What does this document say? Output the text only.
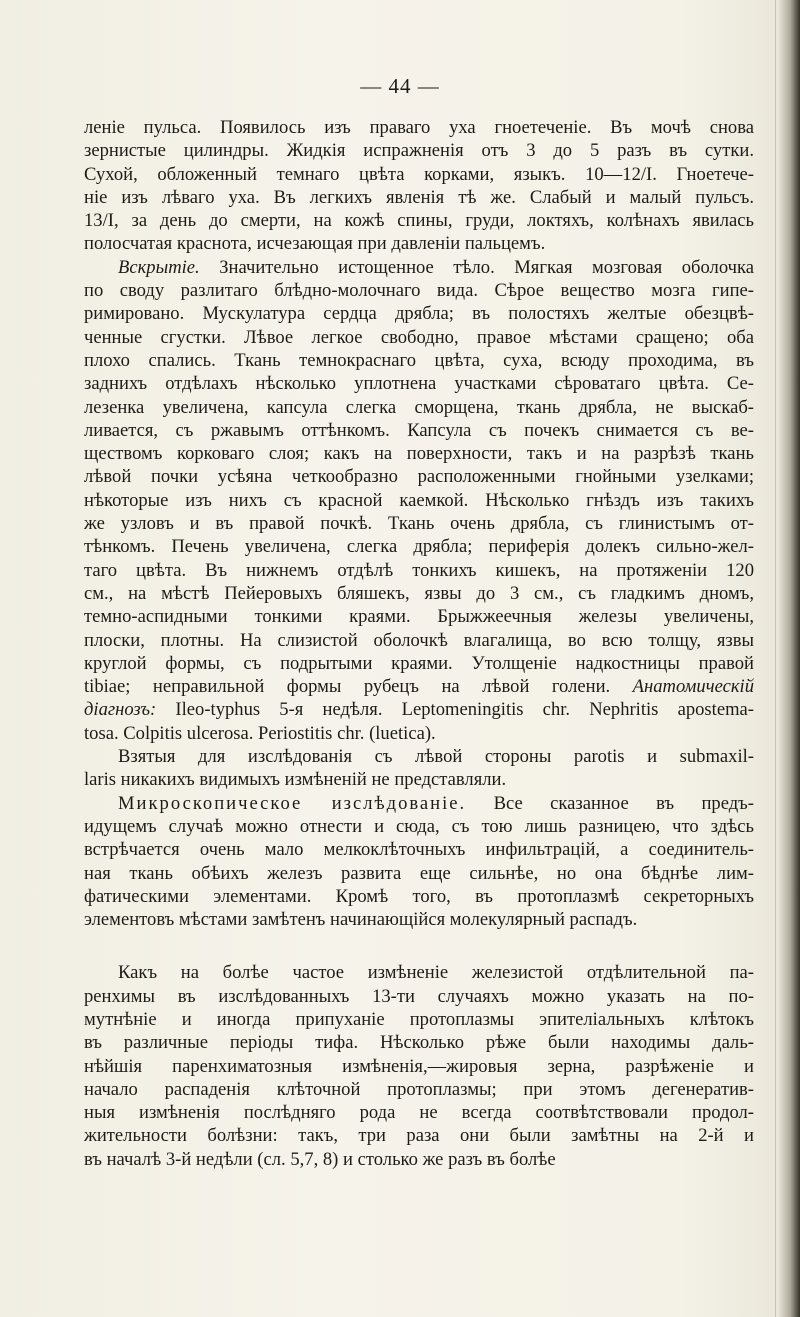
— 44 —

леніе пульса. Появилось изъ праваго уха гноетеченіе. Въ мочѣ снова

зернистые цилиндры. Жидкія испражненія отъ 3 до 5 разъ въ сутки.

Сухой, обложенный темнаго цвѣта корками, языкъ. 10—12/I. Гноетече-

ніе изъ лѣваго уха. Въ легкихъ явленія тѣ же. Слабый и малый пульсъ.

13/I, за день до смерти, на кожѣ спины, груди, локтяхъ, колѣнахъ явилась

полосчатая краснота, исчезающая при давленіи пальцемъ.

Вскрытіе. Значительно истощенное тѣло. Мягкая мозговая оболочка

по своду разлитаго блѣдно-молочнаго вида. Сѣрое вещество мозга гипе-

римировано. Мускулатура сердца дрябла; въ полостяхъ желтые обезцвѣ-

ченные сгустки. Лѣвое легкое свободно, правое мѣстами сращено; оба

плохо спались. Ткань темнокраснаго цвѣта, суха, всюду проходима, въ

заднихъ отдѣлахъ нѣсколько уплотнена участками сѣроватаго цвѣта. Се-

лезенка увеличена, капсула слегка сморщена, ткань дрябла, не выскаб-

ливается, съ ржавымъ оттѣнкомъ. Капсула съ почекъ снимается съ ве-

ществомъ корковаго слоя; какъ на поверхности, такъ и на разрѣзѣ ткань

лѣвой почки усѣяна четкообразно расположенными гнойными узелками;

нѣкоторые изъ нихъ съ красной каемкой. Нѣсколько гнѣздъ изъ такихъ

же узловъ и въ правой почкѣ. Ткань очень дрябла, съ глинистымъ от-

тѣнкомъ. Печень увеличена, слегка дрябла; периферія долекъ сильно-жел-

таго цвѣта. Въ нижнемъ отдѣлѣ тонкихъ кишекъ, на протяженіи 120

см., на мѣстѣ Пейеровыхъ бляшекъ, язвы до 3 см., съ гладкимъ дномъ,

темно-аспидными тонкими краями. Брыжжеечныя железы увеличены,

плоски, плотны. На слизистой оболочкѣ влагалища, во всю толщу, язвы

круглой формы, съ подрытыми краями. Утолщеніе надкостницы правой

tibiae; неправильной формы рубецъ на лѣвой голени. Анатомическій

діагнозъ: Ileo-typhus 5-я недѣля. Leptomeningitis chr. Nephritis apostema-

tosa. Colpitis ulcerosa. Periostitis chr. (luetica).

Взятыя для изслѣдованія съ лѣвой стороны parotis и submaxil-

laris никакихъ видимыхъ измѣненій не представляли.

Микроскопическое изслѣдованіе. Все сказанное въ предъ-

идущемъ случаѣ можно отнести и сюда, съ тою лишь разницею, что здѣсь

встрѣчается очень мало мелкоклѣточныхъ инфильтрацій, а соединитель-

ная ткань обѣихъ железъ развита еще сильнѣе, но она бѣднѣе лим-

фатическими элементами. Кромѣ того, въ протоплазмѣ секреторныхъ

элементовъ мѣстами замѣтенъ начинающійся молекулярный распадъ.

Какъ на болѣе частое измѣненіе железистой отдѣлительной па-

ренхимы въ изслѣдованныхъ 13-ти случаяхъ можно указать на по-

мутнѣніе и иногда припуханіе протоплазмы эпителіальныхъ клѣтокъ

въ различные періоды тифа. Нѣсколько рѣже были находимы даль-

нѣйшія паренхиматозныя измѣненія,—жировыя зерна, разрѣженіе и

начало распаденія клѣточной протоплазмы; при этомъ дегенератив-

ныя измѣненія послѣдняго рода не всегда соотвѣтствовали продол-

жительности болѣзни: такъ, три раза они были замѣтны на 2-й и

въ началѣ 3-й недѣли (сл. 5,7, 8) и столько же разъ въ болѣе
